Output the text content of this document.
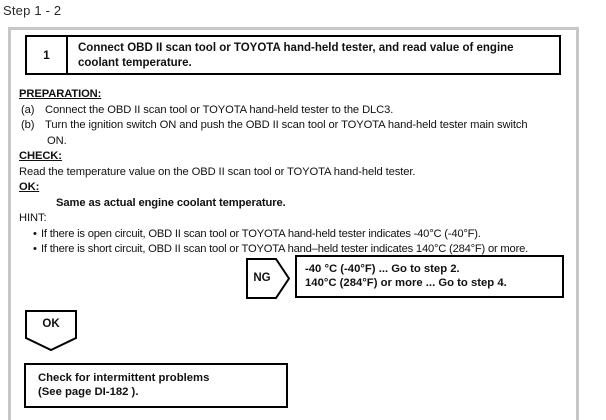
Step 1 - 2
1	Connect OBD II scan tool or TOYOTA hand-held tester, and read value of engine coolant temperature.
PREPARATION:
(a) Connect the OBD II scan tool or TOYOTA hand-held tester to the DLC3.
(b) Turn the ignition switch ON and push the OBD II scan tool or TOYOTA hand-held tester main switch
ON.
CHECK:
Read the temperature value on the OBD II scan tool or TOYOTA hand-held tester.
OK:
Same as actual engine coolant temperature.
HINT:
• If there is open circuit, OBD II scan tool or TOYOTA hand-held tester indicates -40°C (-40°F).
• If there is short circuit, OBD II scan tool or TOYOTA hand–held tester indicates 140°C (284°F) or more.
NG
-40 °C (-40°F) ... Go to step 2.
140°C (284°F) or more ... Go to step 4.
OK
Check for intermittent problems
(See page DI-182 ).
